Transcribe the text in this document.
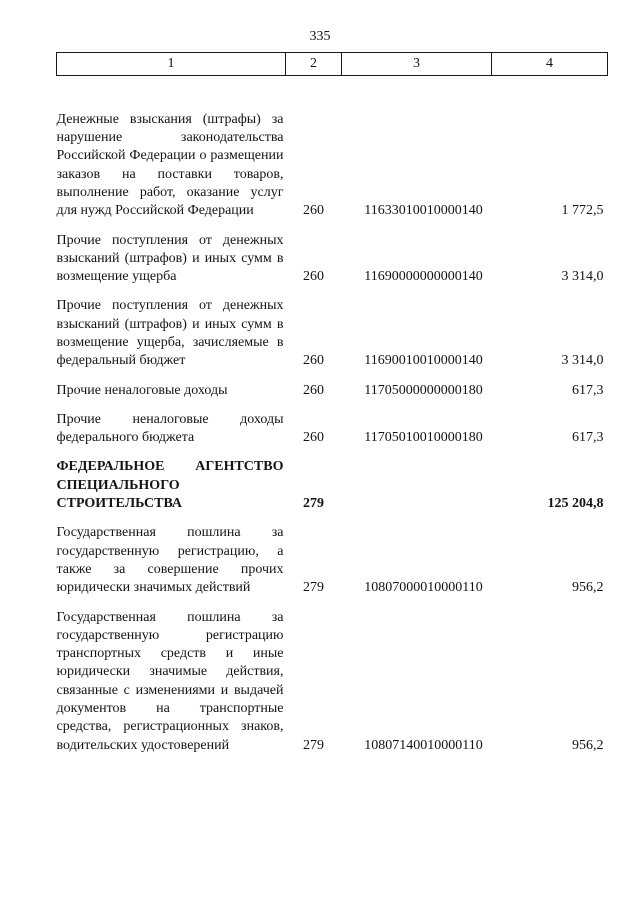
335
1	2	3	4
Денежные взыскания (штрафы) за нарушение законодательства Российской Федерации о размещении заказов на поставки товаров, выполнение работ, оказание услуг для нужд Российской Федерации	260	11633010010000140	1 772,5
Прочие поступления от денежных взысканий (штрафов) и иных сумм в возмещение ущерба	260	11690000000000140	3 314,0
Прочие поступления от денежных взысканий (штрафов) и иных сумм в возмещение ущерба, зачисляемые в федеральный бюджет	260	11690010010000140	3 314,0
Прочие неналоговые доходы	260	11705000000000180	617,3
Прочие неналоговые доходы федерального бюджета	260	11705010010000180	617,3
ФЕДЕРАЛЬНОЕ АГЕНТСТВО СПЕЦИАЛЬНОГО СТРОИТЕЛЬСТВА	279		125 204,8
Государственная пошлина за государственную регистрацию, а также за совершение прочих юридически значимых действий	279	10807000010000110	956,2
Государственная пошлина за государственную регистрацию транспортных средств и иные юридически значимые действия, связанные с изменениями и выдачей документов на транспортные средства, регистрационных знаков, водительских удостоверений	279	10807140010000110	956,2
